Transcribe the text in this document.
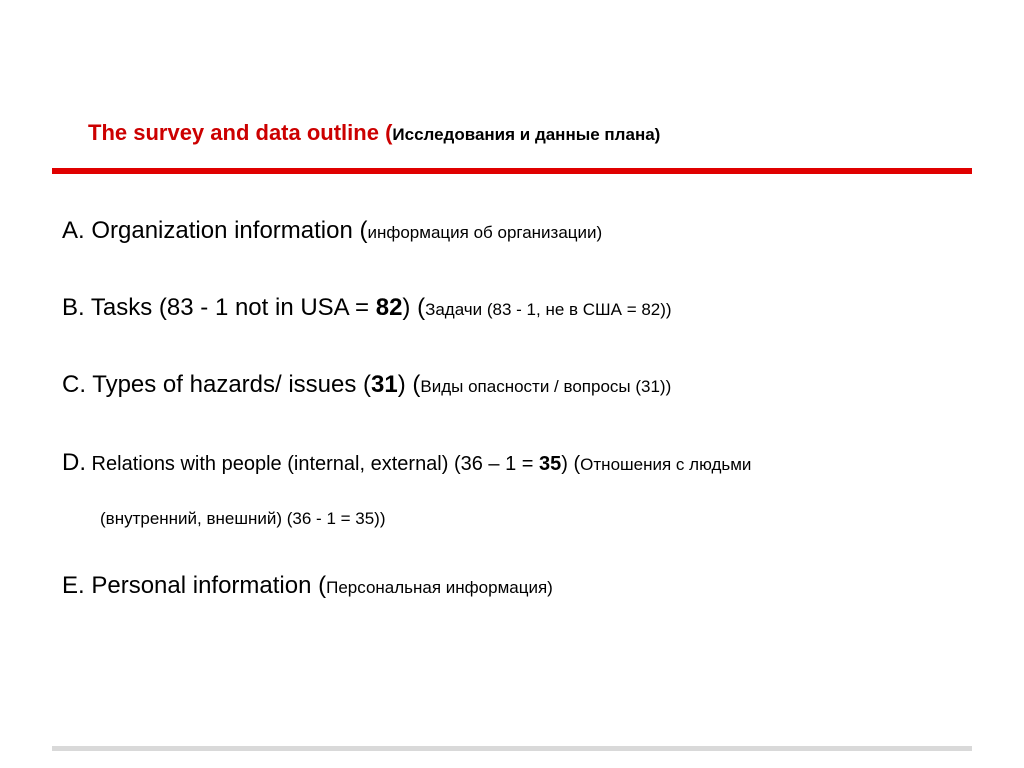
The survey and data outline (Исследования и данные плана)
A. Organization information (информация об организации)
B. Tasks (83 - 1 not in USA = 82) (Задачи (83 - 1, не в США = 82))
C. Types of hazards/ issues (31) (Виды опасности / вопросы (31))
D. Relations with people (internal, external) (36 – 1 = 35) (Отношения с людьми
(внутренний, внешний) (36 - 1 = 35))
E. Personal information (Персональная информация)
